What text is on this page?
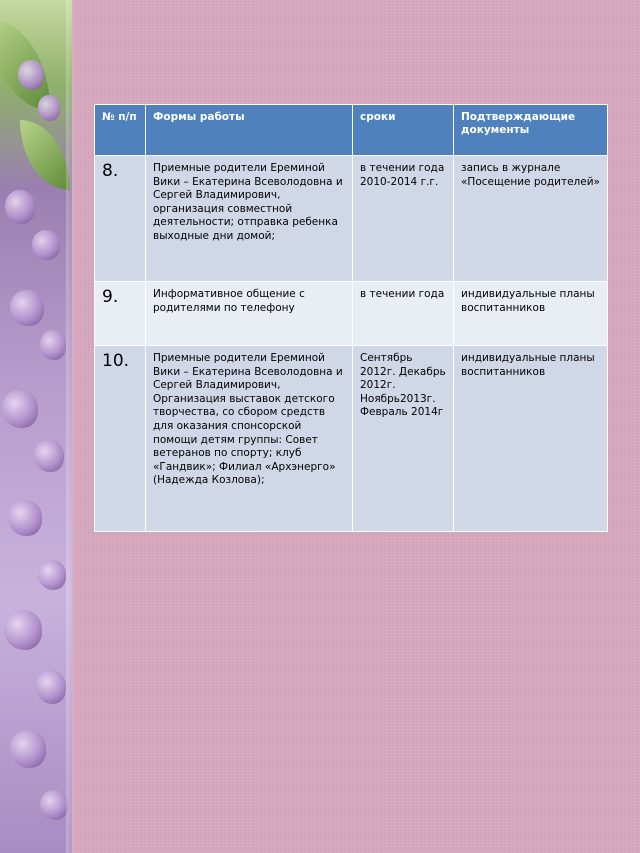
№ п/п	Формы работы	сроки	Подтверждающие документы
8.	Приемные родители Ереминой Вики – Екатерина Всеволодовна и Сергей Владимирович, организация совместной деятельности; отправка ребенка выходные дни домой;	в течении года 2010-2014 г.г.	запись в журнале «Посещение родителей»
9.	Информативное общение с родителями по телефону	в течении года	индивидуальные планы воспитанников
10.	Приемные родители Ереминой Вики – Екатерина Всеволодовна и Сергей Владимирович, Организация выставок детского творчества, со сбором средств для оказания спонсорской помощи детям группы: Совет ветеранов по спорту; клуб «Гандвик»; Филиал «Архэнерго» (Надежда Козлова);	Сентябрь 2012г. Декабрь 2012г. Ноябрь2013г. Февраль 2014г	индивидуальные планы воспитанников
